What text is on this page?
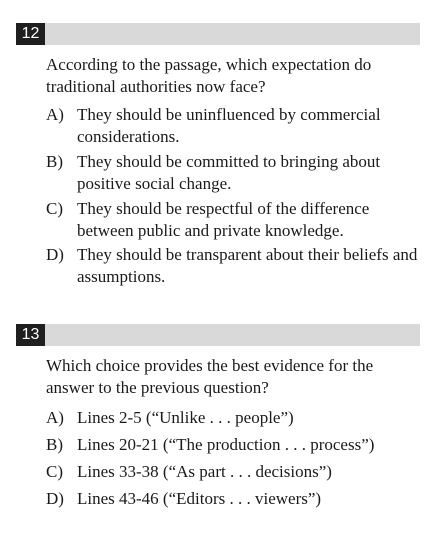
12

According to the passage, which expectation do traditional authorities now face?

A) They should be uninfluenced by commercial considerations.
B) They should be committed to bringing about positive social change.
C) They should be respectful of the difference between public and private knowledge.
D) They should be transparent about their beliefs and assumptions.
13

Which choice provides the best evidence for the answer to the previous question?

A) Lines 2-5 (“Unlike . . . people”)
B) Lines 20-21 (“The production . . . process”)
C) Lines 33-38 (“As part . . . decisions”)
D) Lines 43-46 (“Editors . . . viewers”)
